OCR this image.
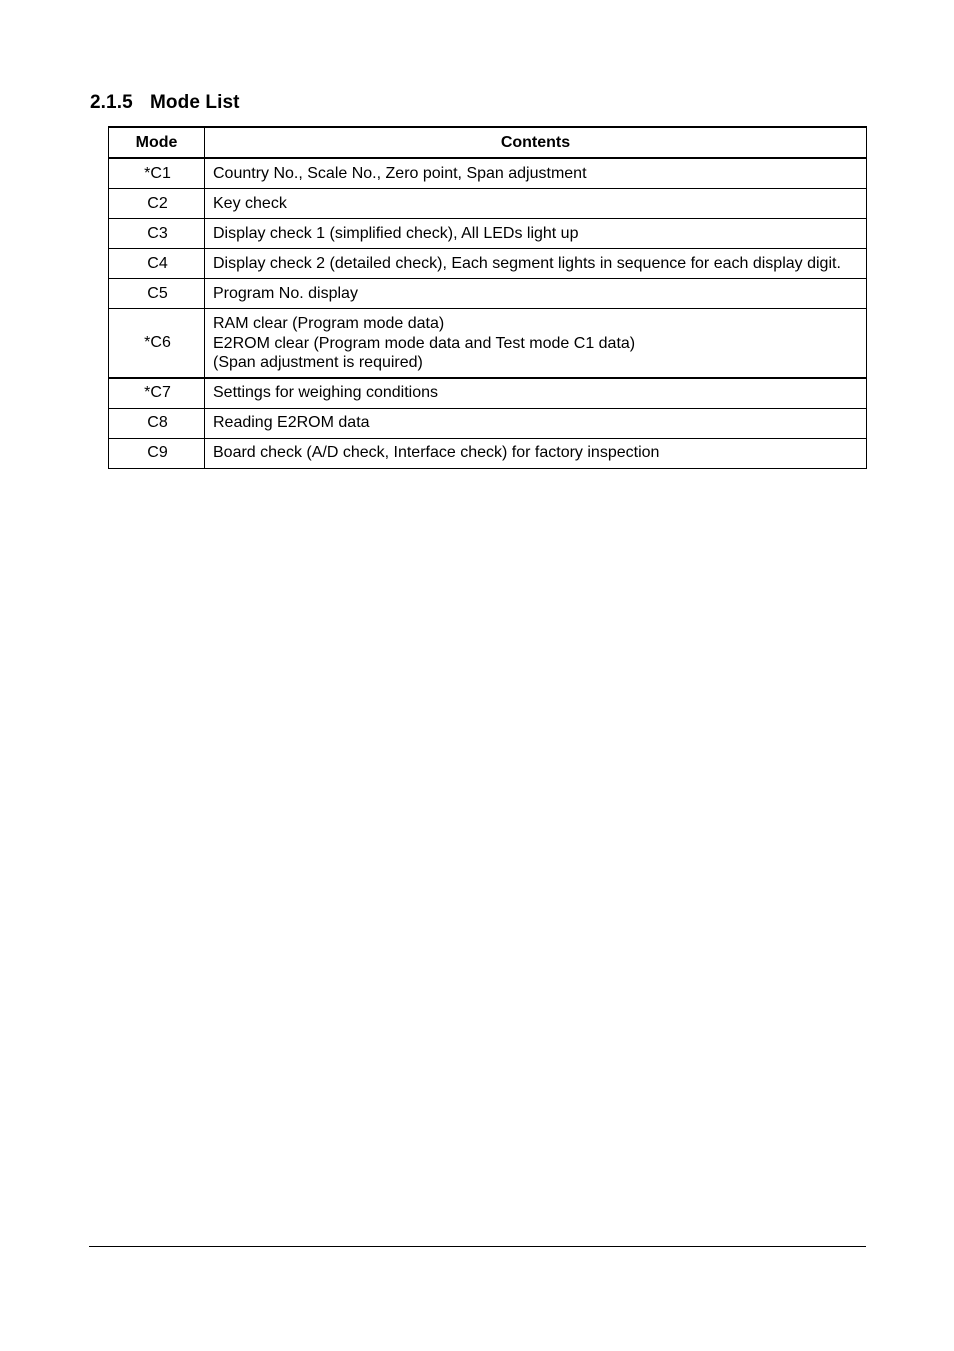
2.1.5 Mode List
Mode	Contents
*C1	Country No., Scale No., Zero point, Span adjustment
C2	Key check
C3	Display check 1 (simplified check), All LEDs light up
C4	Display check 2 (detailed check), Each segment lights in sequence for each display digit.
C5	Program No. display
*C6	RAM clear (Program mode data)
E2ROM clear (Program mode data and Test mode C1 data)
(Span adjustment is required)

*C7	Settings for weighing conditions
C8	Reading E2ROM data
C9	Board check (A/D check, Interface check) for factory inspection
